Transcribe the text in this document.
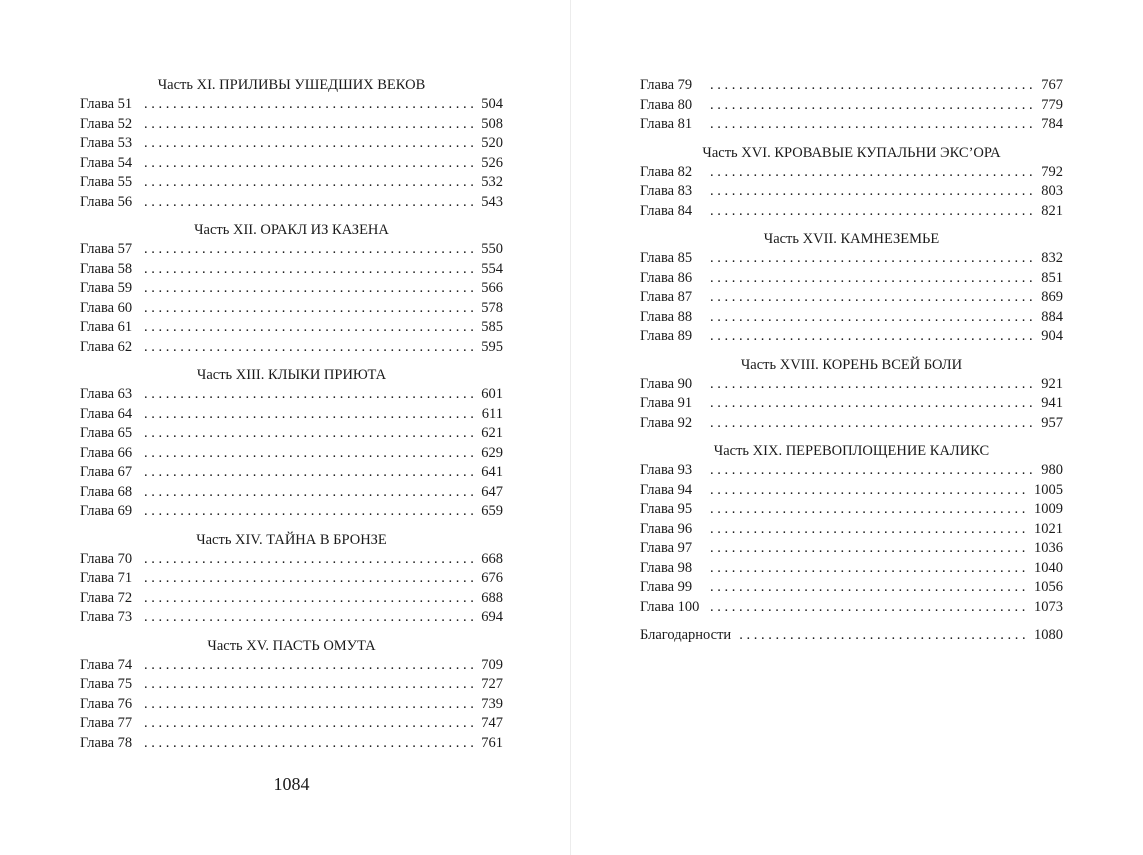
Часть XI. ПРИЛИВЫ УШЕДШИХ ВЕКОВ
Глава 51 . . .	504
Глава 52 . . .	508
Глава 53 . . .	520
Глава 54 . . .	526
Глава 55 . . .	532
Глава 56 . . .	543
Часть XII. ОРАКЛ ИЗ КАЗЕНА
Глава 57 . . .	550
Глава 58 . . .	554
Глава 59 . . .	566
Глава 60 . . .	578
Глава 61 . . .	585
Глава 62 . . .	595
Часть XIII. КЛЫКИ ПРИЮТА
Глава 63 . . .	601
Глава 64 . . .	611
Глава 65 . . .	621
Глава 66 . . .	629
Глава 67 . . .	641
Глава 68 . . .	647
Глава 69 . . .	659
Часть XIV. ТАЙНА В БРОНЗЕ
Глава 70 . . .	668
Глава 71 . . .	676
Глава 72 . . .	688
Глава 73 . . .	694
Часть XV. ПАСТЬ ОМУТА
Глава 74 . . .	709
Глава 75 . . .	727
Глава 76 . . .	739
Глава 77 . . .	747
Глава 78 . . .	761
1084
Глава 79 . . .	767
Глава 80 . . .	779
Глава 81 . . .	784
Часть XVI. КРОВАВЫЕ КУПАЛЬНИ ЭКС’ОРА
Глава 82 . . .	792
Глава 83 . . .	803
Глава 84 . . .	821
Часть XVII. КАМНЕЗЕМЬЕ
Глава 85 . . .	832
Глава 86 . . .	851
Глава 87 . . .	869
Глава 88 . . .	884
Глава 89 . . .	904
Часть XVIII. КОРЕНЬ ВСЕЙ БОЛИ
Глава 90 . . .	921
Глава 91 . . .	941
Глава 92 . . .	957
Часть XIX. ПЕРЕВОПЛОЩЕНИЕ КАЛИКС
Глава 93 . . .	980
Глава 94 . . .	1005
Глава 95 . . .	1009
Глава 96 . . .	1021
Глава 97 . . .	1036
Глава 98 . . .	1040
Глава 99 . . .	1056
Глава 100 . . .	1073
Благодарности . . .	1080
